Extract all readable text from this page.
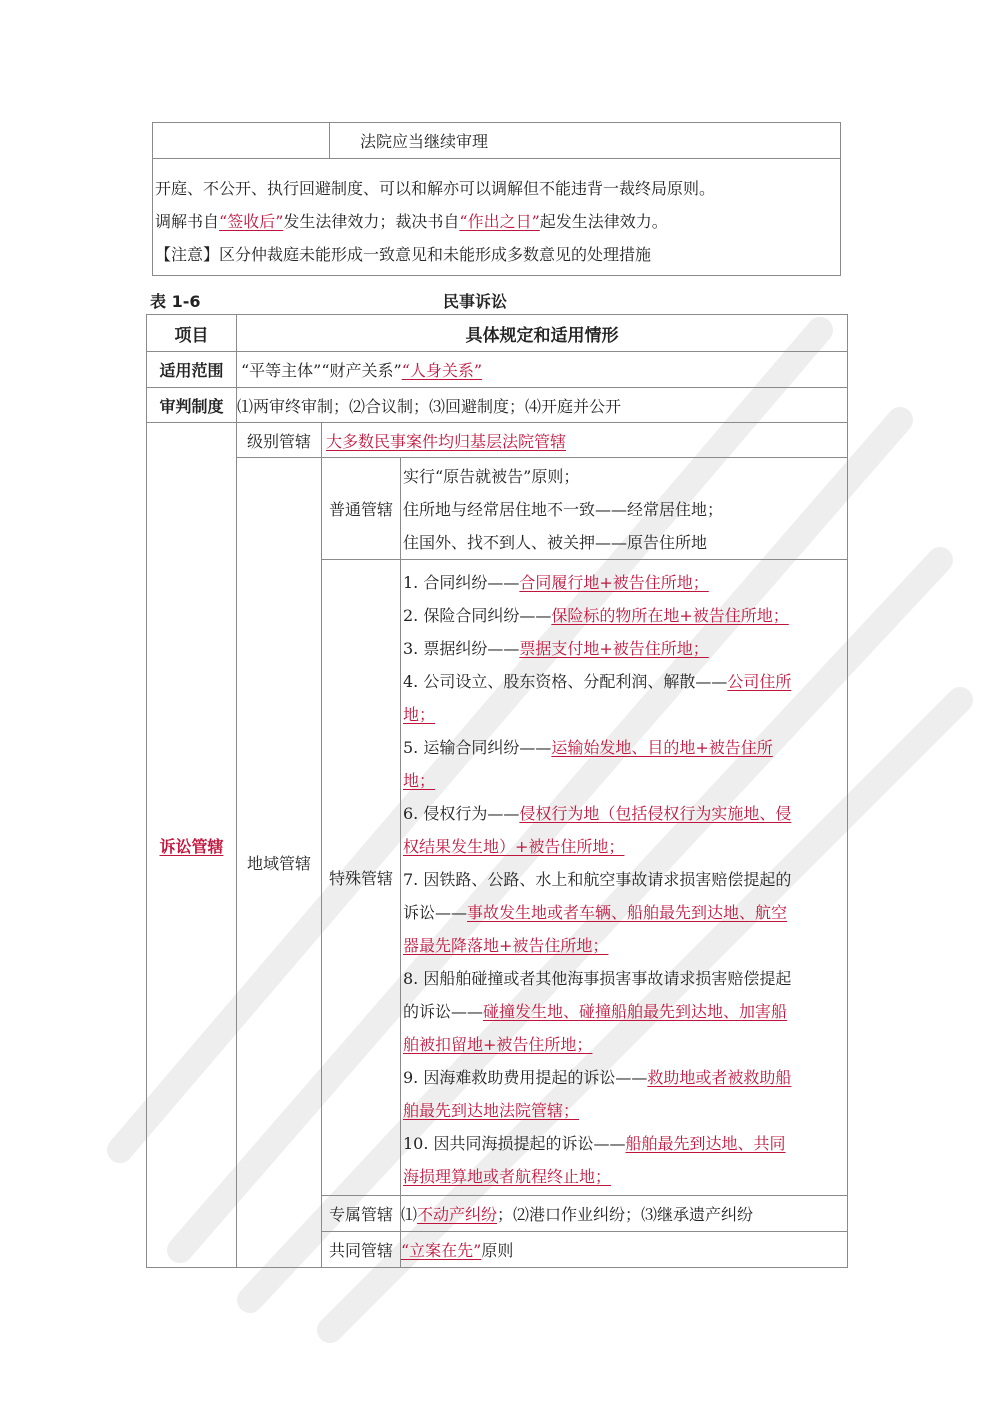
法院应当继续审理
开庭、不公开、执行回避制度、可以和解亦可以调解但不能违背一裁终局原则。
调解书自“签收后”发生法律效力；裁决书自“作出之日”起发生法律效力。
【注意】区分仲裁庭未能形成一致意见和未能形成多数意见的处理措施
表 1-6	民事诉讼
项目	具体规定和适用情形
适用范围 “平等主体”“财产关系” “人身关系”
审判制度 ⑴两审终审制；⑵合议制；⑶回避制度；⑷开庭并公开
诉讼管辖
级别管辖 大多数民事案件均归基层法院管辖
地域管辖
普通管辖
实行“原告就被告”原则；
住所地与经常居住地不一致——经常居住地；
住国外、找不到人、被关押——原告住所地
特殊管辖
1. 合同纠纷——合同履行地+被告住所地；
2. 保险合同纠纷——保险标的物所在地+被告住所地；
3. 票据纠纷——票据支付地+被告住所地；
4. 公司设立、股东资格、分配利润、解散——公司住所
地；
5. 运输合同纠纷——运输始发地、目的地+被告住所
地；
6. 侵权行为——侵权行为地（包括侵权行为实施地、侵
权结果发生地）+被告住所地；
7. 因铁路、公路、水上和航空事故请求损害赔偿提起的
诉讼——事故发生地或者车辆、船舶最先到达地、航空
器最先降落地+被告住所地；
8. 因船舶碰撞或者其他海事损害事故请求损害赔偿提起
的诉讼——碰撞发生地、碰撞船舶最先到达地、加害船
舶被扣留地+被告住所地；
9. 因海难救助费用提起的诉讼——救助地或者被救助船
舶最先到达地法院管辖；
10. 因共同海损提起的诉讼——船舶最先到达地、共同
海损理算地或者航程终止地；
专属管辖 ⑴ 不动产纠纷 ；⑵港口作业纠纷；⑶继承遗产纠纷
共同管辖 “立案在先” 原则
